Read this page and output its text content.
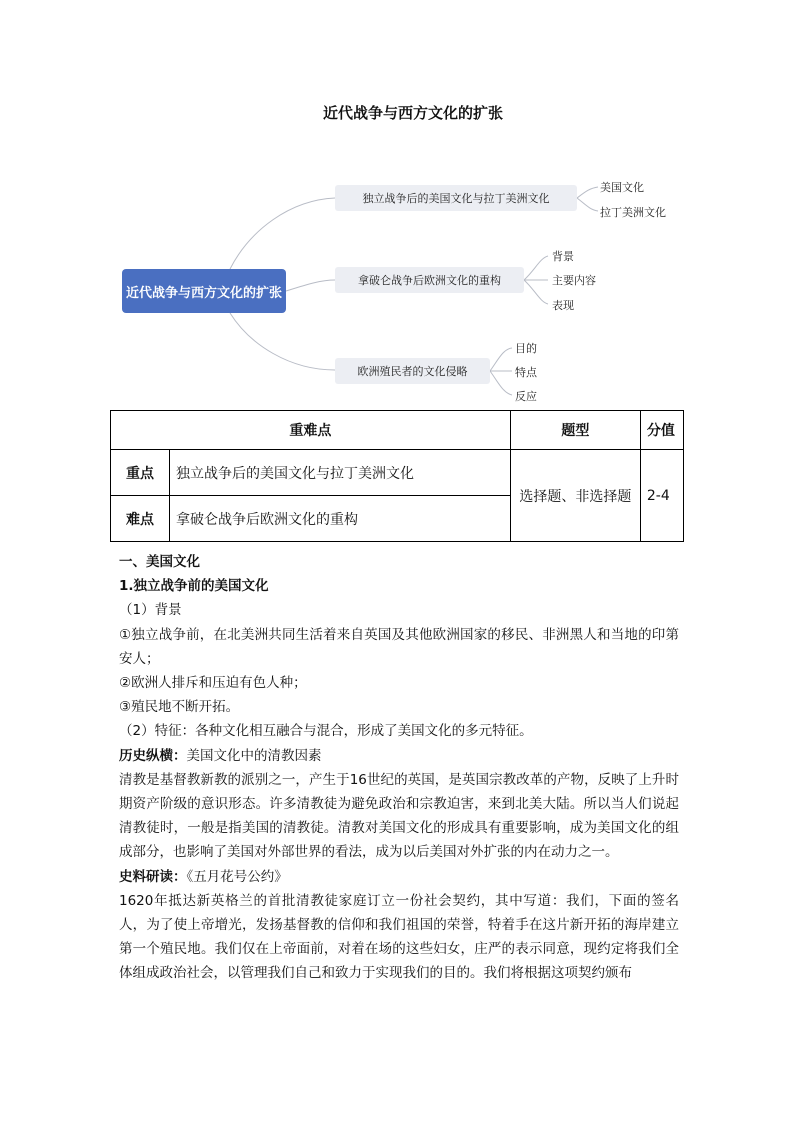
近代战争与西方文化的扩张
近代战争与西方文化的扩张
独立战争后的美国文化与拉丁美洲文化
美国文化
拉丁美洲文化
拿破仑战争后欧洲文化的重构
背景
主要内容
表现
欧洲殖民者的文化侵略
目的
特点
反应
重难点		题型	分值
重点	独立战争后的美国文化与拉丁美洲文化	选择题、非选择题	2-4
难点	拿破仑战争后欧洲文化的重构		

一、美国文化

1.独立战争前的美国文化

（1）背景

①独立战争前，在北美洲共同生活着来自英国及其他欧洲国家的移民、非洲黑人和当地的印第安人；

②欧洲人排斥和压迫有色人种；

③殖民地不断开拓。

（2）特征：各种文化相互融合与混合，形成了美国文化的多元特征。

历史纵横：美国文化中的清教因素

清教是基督教新教的派别之一，产生于16世纪的英国，是英国宗教改革的产物，反映了上升时期资产阶级的意识形态。许多清教徒为避免政治和宗教迫害，来到北美大陆。所以当人们说起清教徒时，一般是指美国的清教徒。清教对美国文化的形成具有重要影响，成为美国文化的组成部分，也影响了美国对外部世界的看法，成为以后美国对外扩张的内在动力之一。

史料研读：《五月花号公约》

1620年抵达新英格兰的首批清教徒家庭订立一份社会契约，其中写道：我们，下面的签名人，为了使上帝增光，发扬基督教的信仰和我们祖国的荣誉，特着手在这片新开拓的海岸建立第一个殖民地。我们仅在上帝面前，对着在场的这些妇女，庄严的表示同意，现约定将我们全体组成政治社会，以管理我们自己和致力于实现我们的目的。我们将根据这项契约颁布
